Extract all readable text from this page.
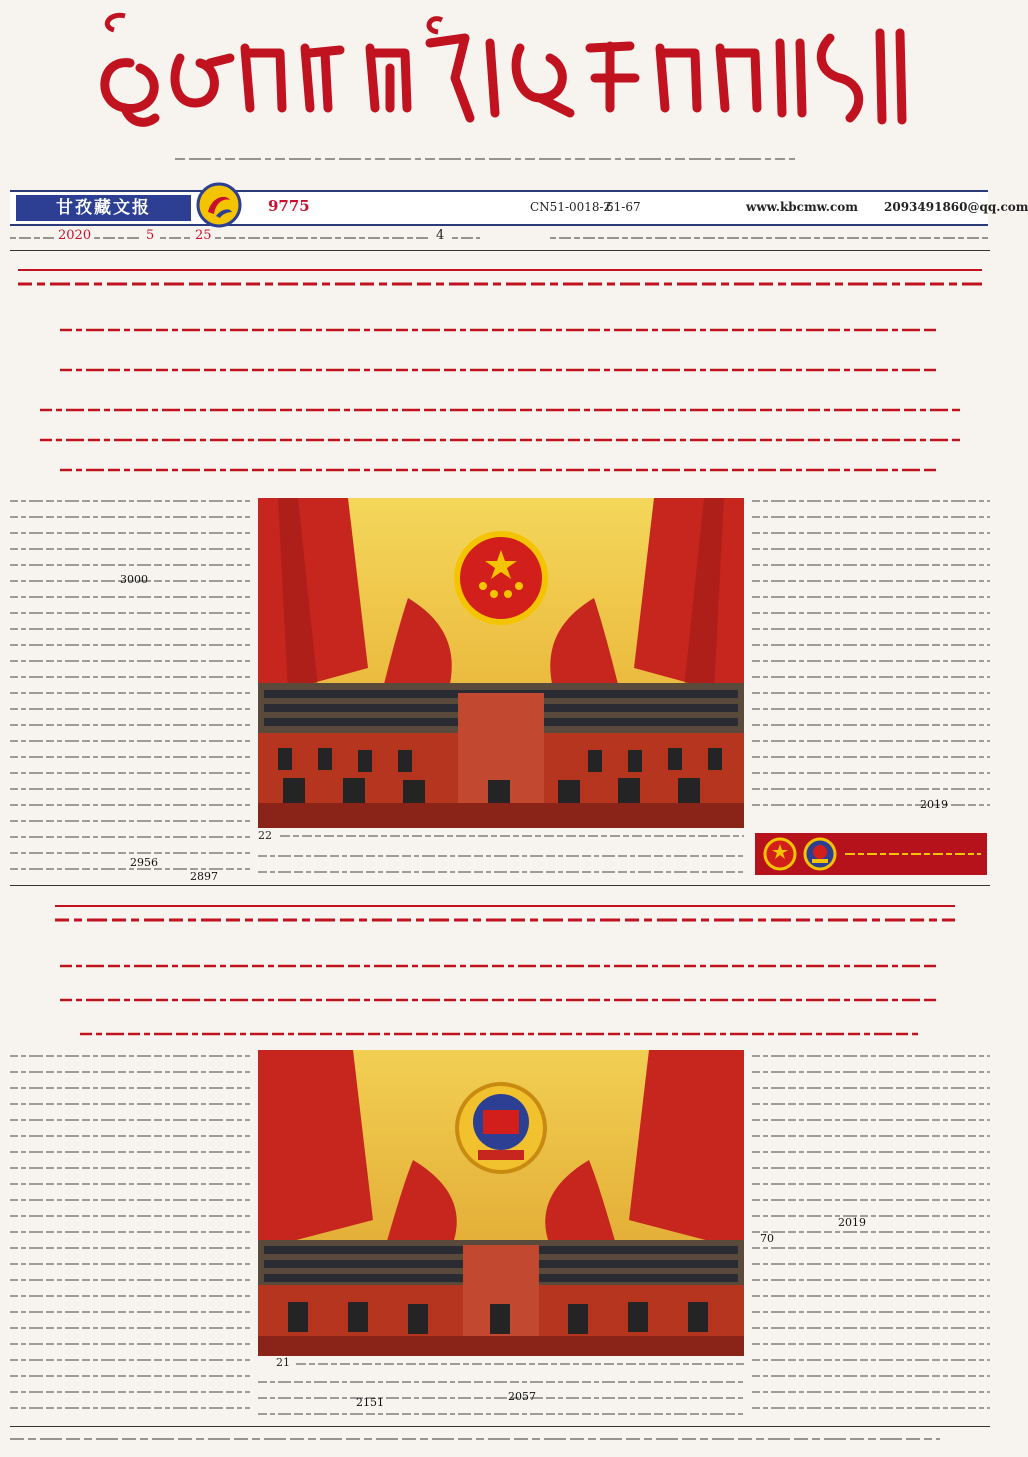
甘孜藏文报	9775	CN51-0018-Z
61-67	www.kbcmw.com 2093491860@qq.com
2020	5	25	4
3000
2956
2897
22
2019
21
2151	2057
2019
70
